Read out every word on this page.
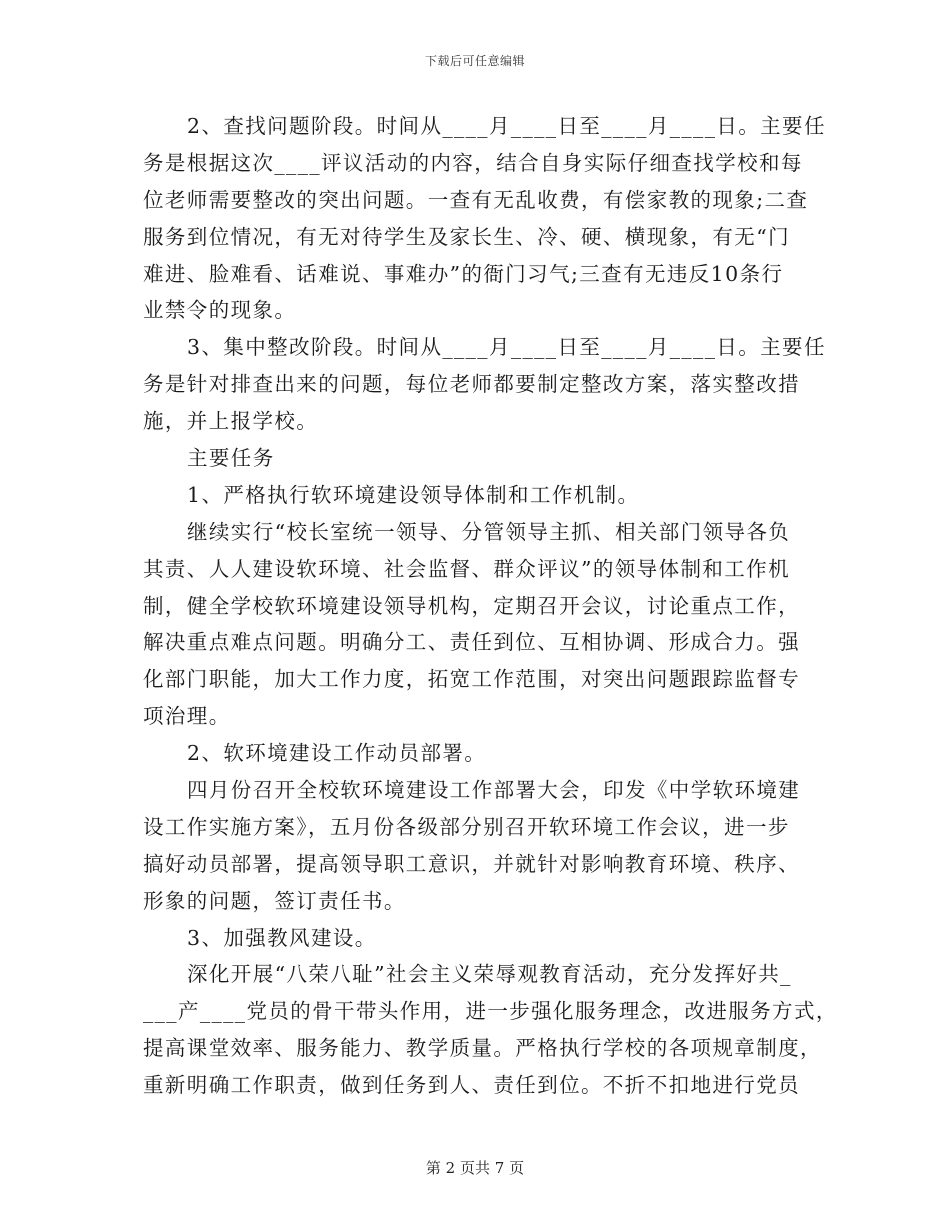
下载后可任意编辑
2、查找问题阶段。时间从____月____日至____月____日。主要任
务是根据这次____评议活动的内容，结合自身实际仔细查找学校和每
位老师需要整改的突出问题。一查有无乱收费，有偿家教的现象;二查
服务到位情况，有无对待学生及家长生、冷、硬、横现象，有无“门
难进、脸难看、话难说、事难办”的衙门习气;三查有无违反10条行
业禁令的现象。
3、集中整改阶段。时间从____月____日至____月____日。主要任
务是针对排查出来的问题，每位老师都要制定整改方案，落实整改措
施，并上报学校。
主要任务
1、严格执行软环境建设领导体制和工作机制。
继续实行“校长室统一领导、分管领导主抓、相关部门领导各负
其责、人人建设软环境、社会监督、群众评议”的领导体制和工作机
制，健全学校软环境建设领导机构，定期召开会议，讨论重点工作，
解决重点难点问题。明确分工、责任到位、互相协调、形成合力。强
化部门职能，加大工作力度，拓宽工作范围，对突出问题跟踪监督专
项治理。
2、软环境建设工作动员部署。
四月份召开全校软环境建设工作部署大会，印发《中学软环境建
设工作实施方案》，五月份各级部分别召开软环境工作会议，进一步
搞好动员部署，提高领导职工意识，并就针对影响教育环境、秩序、
形象的问题，签订责任书。
3、加强教风建设。
深化开展“八荣八耻”社会主义荣辱观教育活动，充分发挥好共_
___产____党员的骨干带头作用，进一步强化服务理念，改进服务方式，
提高课堂效率、服务能力、教学质量。严格执行学校的各项规章制度，
重新明确工作职责，做到任务到人、责任到位。不折不扣地进行党员
第 2 页共 7 页
